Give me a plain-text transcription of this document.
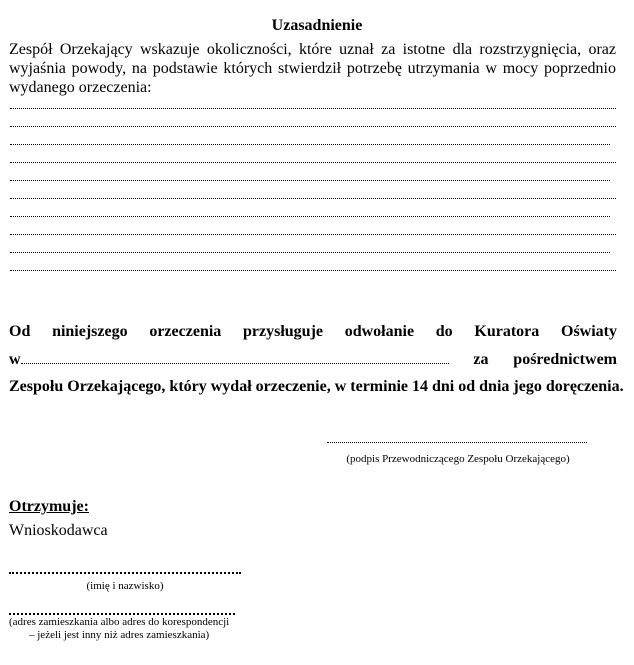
Uzasadnienie
Zespół Orzekający wskazuje okoliczności, które uznał za istotne dla rozstrzygnięcia, oraz wyjaśnia powody, na podstawie których stwierdził potrzebę utrzymania w mocy poprzednio wydanego orzeczenia:
Od niniejszego orzeczenia przysługuje odwołanie do Kuratora Oświaty
w	za pośrednictwem
Zespołu Orzekającego, który wydał orzeczenie, w terminie 14 dni od dnia jego doręczenia.
(podpis Przewodniczącego Zespołu Orzekającego)
Otrzymuje:
Wnioskodawca
(imię i nazwisko)
(adres zamieszkania albo adres do korespondencji
– jeżeli jest inny niż adres zamieszkania)
